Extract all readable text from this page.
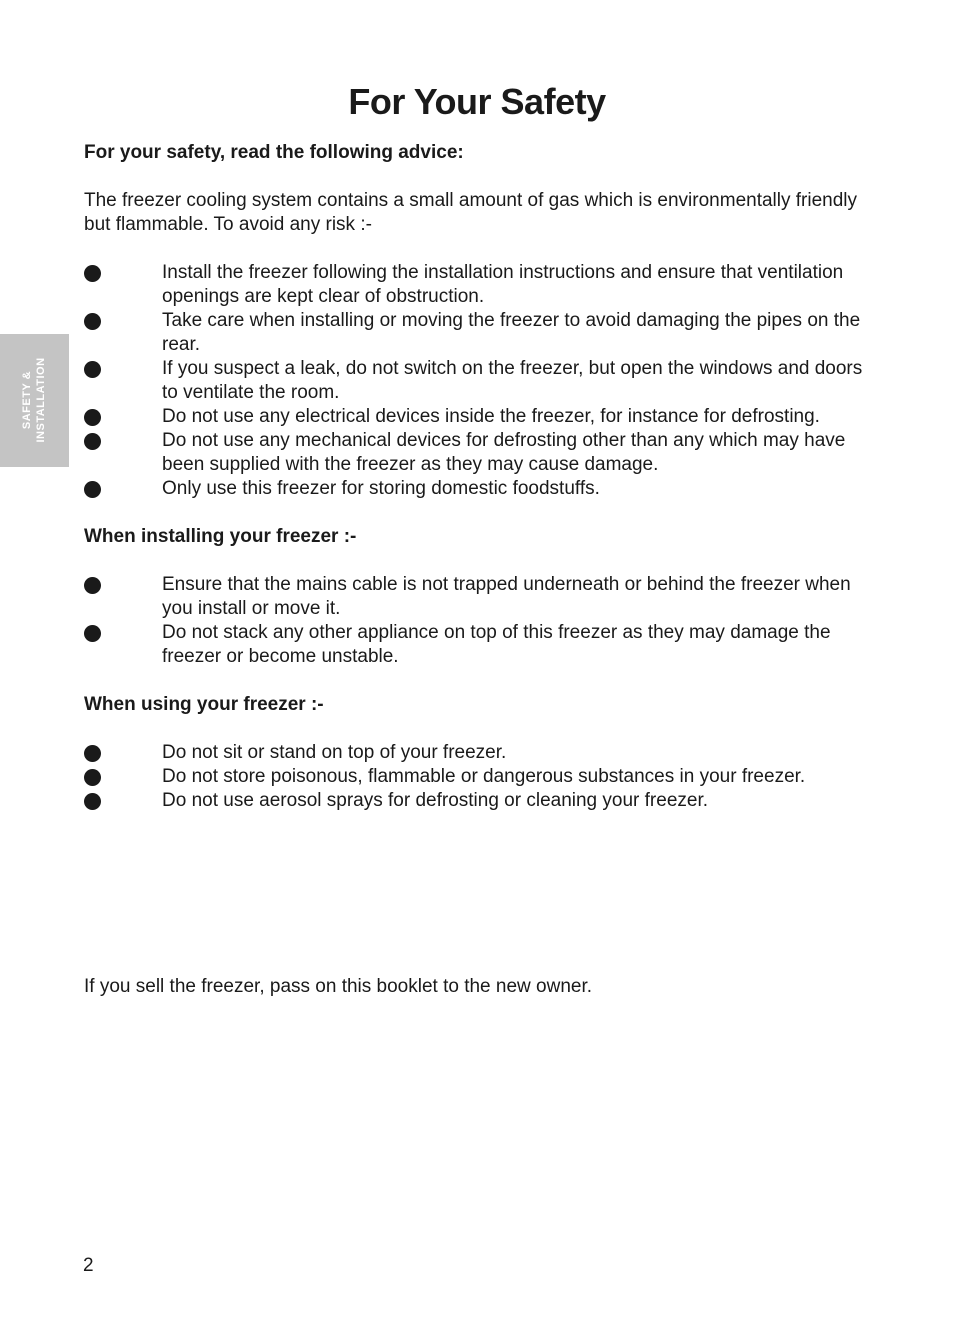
For Your Safety
SAFETY & INSTALLATION
For your safety, read the following advice:

The freezer cooling system contains a small amount of gas which is environmentally friendly but flammable. To avoid any risk :-

Install the freezer following the installation instructions and ensure that ventilation openings are kept clear of obstruction.
Take care when installing or moving the freezer to avoid damaging the pipes on the rear.
If you suspect a leak, do not switch on the freezer, but open the windows and doors to ventilate the room.
Do not use any electrical devices inside the freezer, for instance for defrosting.
Do not use any mechanical devices for defrosting other than any which may have been supplied with the freezer as they may cause damage.
Only use this freezer for storing domestic foodstuffs.
When installing your freezer :-
Ensure that the mains cable is not trapped underneath or behind the freezer when you install or move it.
Do not stack any other appliance on top of this freezer as they may damage the freezer or become unstable.
When using your freezer :-
Do not sit or stand on top of your freezer.
Do not store poisonous, flammable or dangerous substances in your freezer.
Do not use aerosol sprays for defrosting or cleaning your freezer.

If you sell the freezer, pass on this booklet to the new owner.

2
